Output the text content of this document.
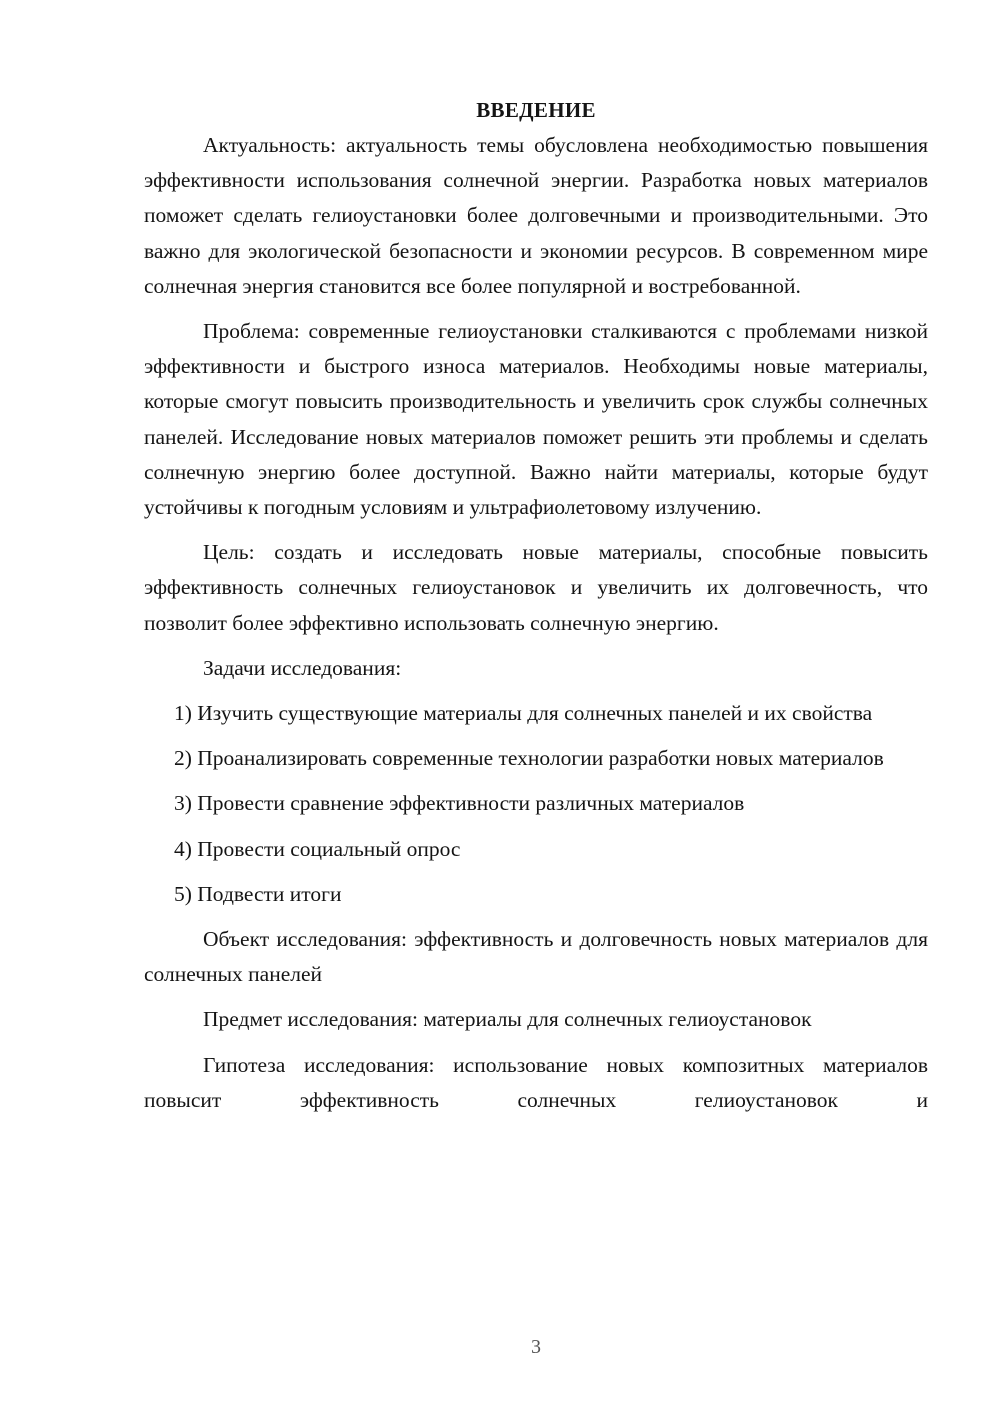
ВВЕДЕНИЕ

Актуальность: актуальность темы обусловлена необходимостью повышения эффективности использования солнечной энергии. Разработка новых материалов поможет сделать гелиоустановки более долговечными и производительными. Это важно для экологической безопасности и экономии ресурсов. В современном мире солнечная энергия становится все более популярной и востребованной.

Проблема: современные гелиоустановки сталкиваются с проблемами низкой эффективности и быстрого износа материалов. Необходимы новые материалы, которые смогут повысить производительность и увеличить срок службы солнечных панелей. Исследование новых материалов поможет решить эти проблемы и сделать солнечную энергию более доступной. Важно найти материалы, которые будут устойчивы к погодным условиям и ультрафиолетовому излучению.

Цель: создать и исследовать новые материалы, способные повысить эффективность солнечных гелиоустановок и увеличить их долговечность, что позволит более эффективно использовать солнечную энергию.

Задачи исследования:

1) Изучить существующие материалы для солнечных панелей и их свойства

2) Проанализировать современные технологии разработки новых материалов

3) Провести сравнение эффективности различных материалов

4) Провести социальный опрос

5) Подвести итоги

Объект исследования: эффективность и долговечность новых материалов для солнечных панелей

Предмет исследования: материалы для солнечных гелиоустановок

Гипотеза исследования: использование новых композитных материалов повысит эффективность солнечных гелиоустановок и

3
